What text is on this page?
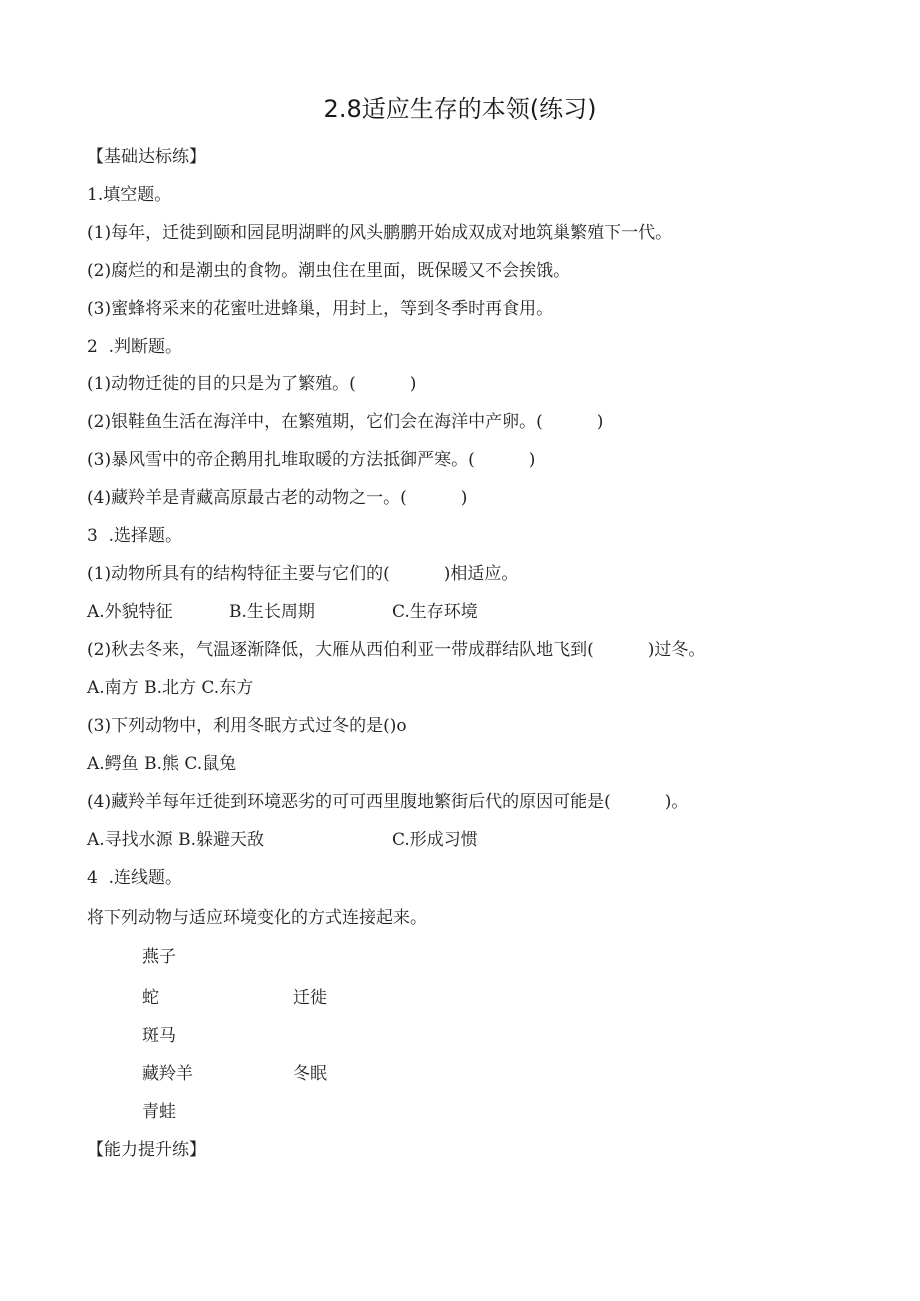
2.8适应生存的本领(练习)
【基础达标练】
1.填空题。
(1)每年，迁徙到颐和园昆明湖畔的风头鹏鹏开始成双成对地筑巢繁殖下一代。
(2)腐烂的和是潮虫的食物。潮虫住在里面，既保暖又不会挨饿。
(3)蜜蜂将采来的花蜜吐进蜂巢，用封上，等到冬季时再食用。
2  .判断题。
(1)动物迁徙的目的只是为了繁殖。(          )
(2)银鞋鱼生活在海洋中，在繁殖期，它们会在海洋中产卵。(          )
(3)暴风雪中的帝企鹅用扎堆取暖的方法抵御严寒。(          )
(4)藏羚羊是青藏高原最古老的动物之一。(          )
3  .选择题。
(1)动物所具有的结构特征主要与它们的(          )相适应。
A.外貌特征	B.生长周期	C.生存环境
(2)秋去冬来，气温逐渐降低，大雁从西伯利亚一带成群结队地飞到(          )过冬。
A.南方 B.北方 C.东方
(3)下列动物中，利用冬眠方式过冬的是()o
A.鳄鱼 B.熊 C.鼠兔
(4)藏羚羊每年迁徙到环境恶劣的可可西里腹地繁街后代的原因可能是(          )。
A.寻找水源 B.躲避天敌	C.形成习惯
4  .连线题。
将下列动物与适应环境变化的方式连接起来。
燕子
蛇	迁徙
斑马
藏羚羊	冬眠
青蛙
【能力提升练】
